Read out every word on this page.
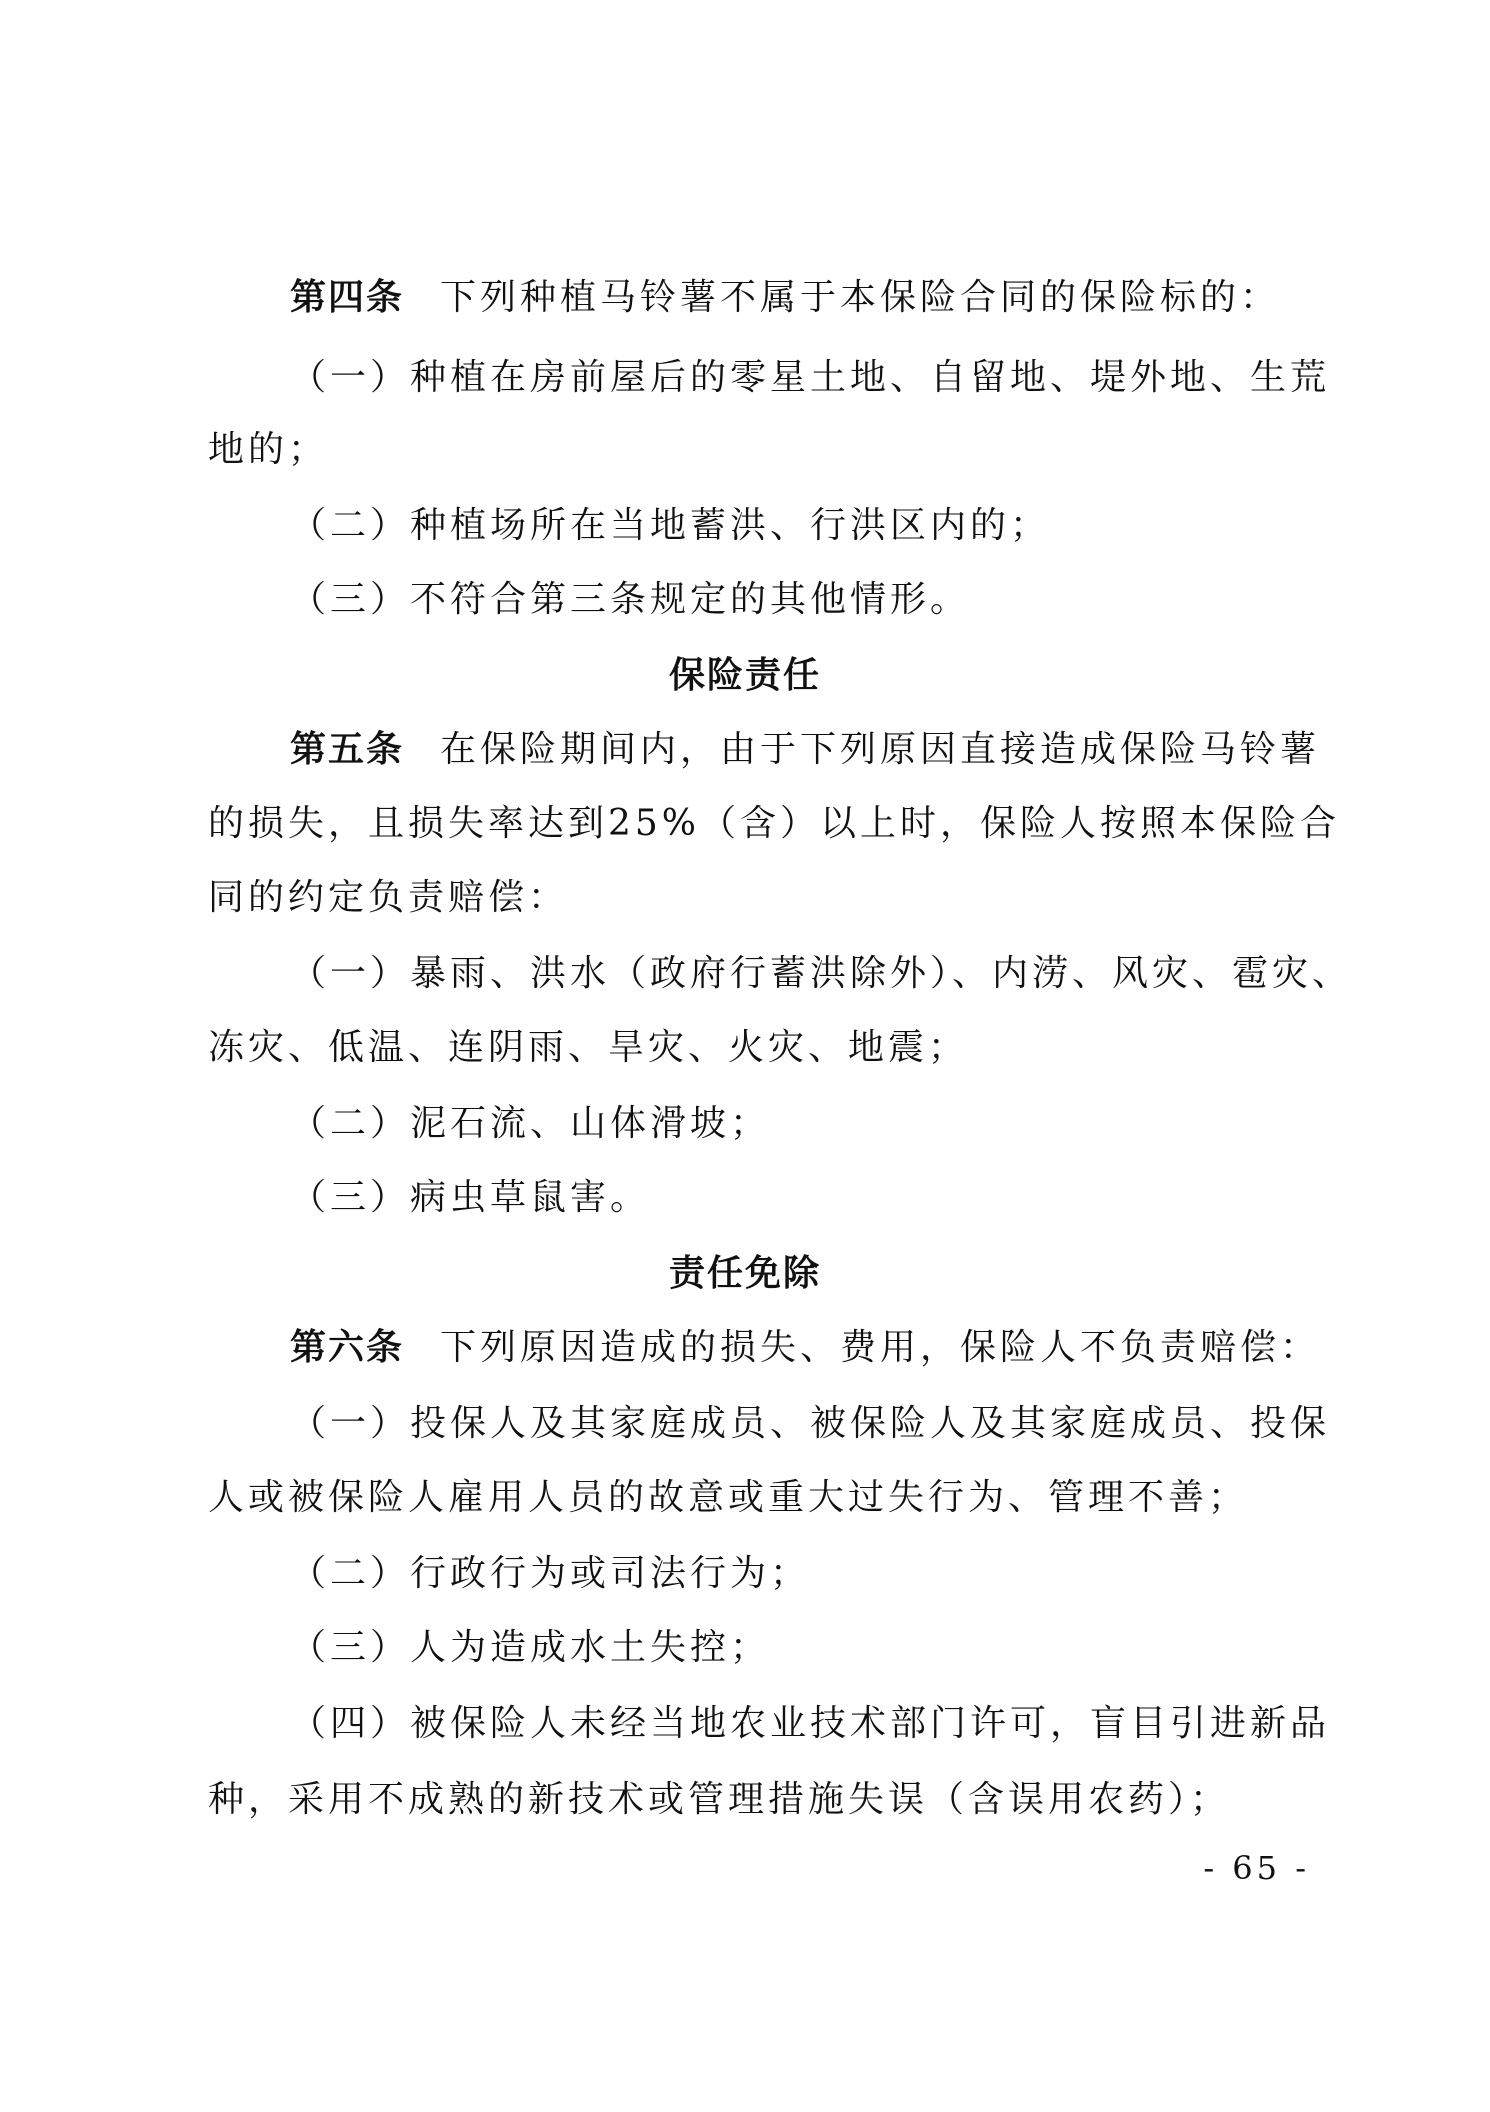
第四条 下列种植马铃薯不属于本保险合同的保险标的：
（一）种植在房前屋后的零星土地、自留地、堤外地、生荒
地的；
（二）种植场所在当地蓄洪、行洪区内的；
（三）不符合第三条规定的其他情形。
保险责任
第五条 在保险期间内，由于下列原因直接造成保险马铃薯
的损失，且损失率达到25%（含）以上时，保险人按照本保险合
同的约定负责赔偿：
（一）暴雨、洪水（政府行蓄洪除外）、内涝、风灾、雹灾、
冻灾、低温、连阴雨、旱灾、火灾、地震；
（二）泥石流、山体滑坡；
（三）病虫草鼠害。
责任免除
第六条 下列原因造成的损失、费用，保险人不负责赔偿：
（一）投保人及其家庭成员、被保险人及其家庭成员、投保
人或被保险人雇用人员的故意或重大过失行为、管理不善；
（二）行政行为或司法行为；
（三）人为造成水土失控；
（四）被保险人未经当地农业技术部门许可，盲目引进新品
种，采用不成熟的新技术或管理措施失误（含误用农药）；
- 65 -
